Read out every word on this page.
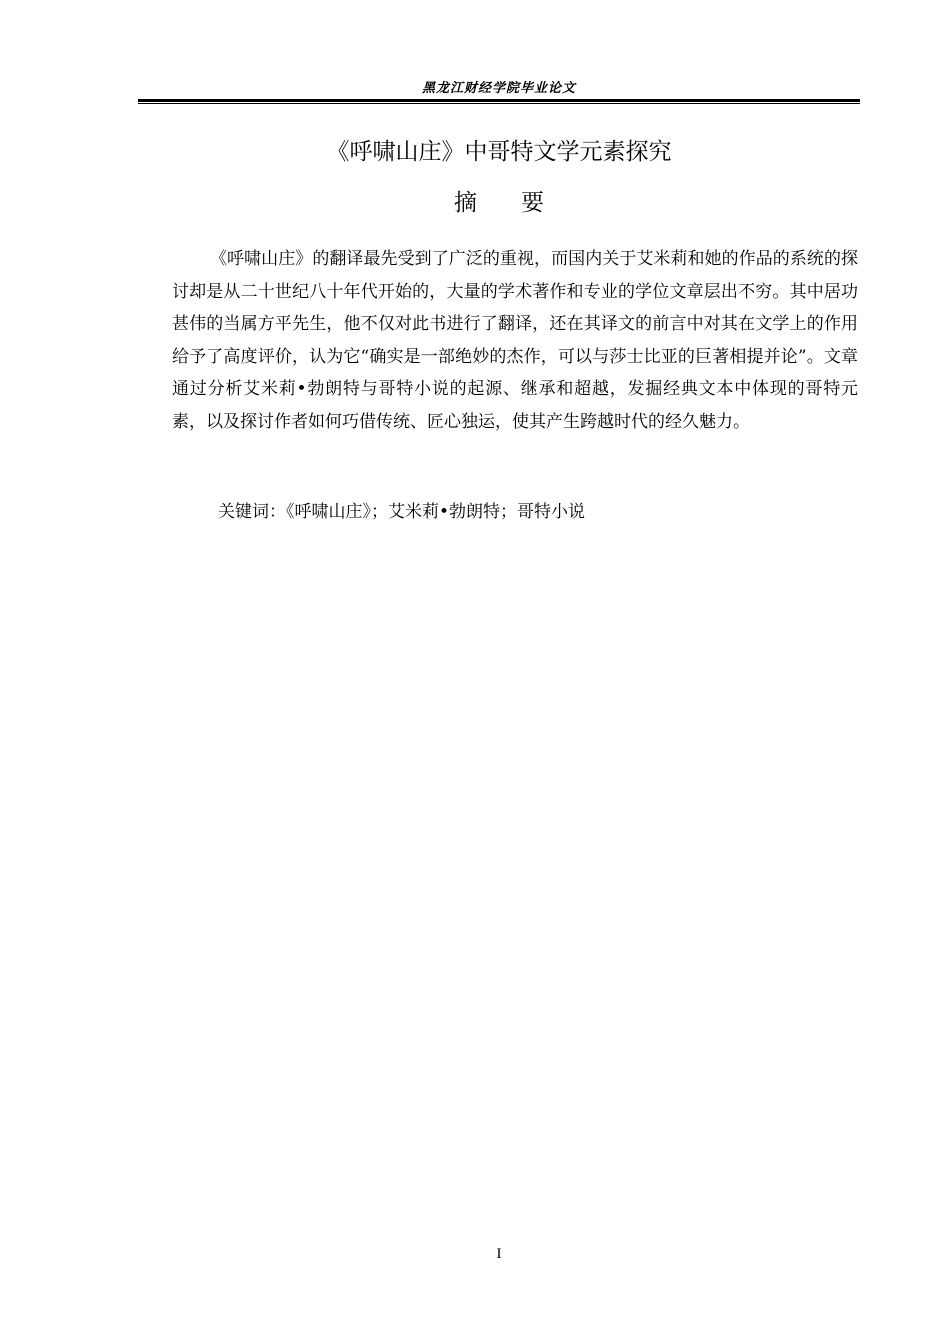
黑龙江财经学院毕业论文
《呼啸山庄》中哥特文学元素探究
摘要

《呼啸山庄》的翻译最先受到了广泛的重视，而国内关于艾米莉和她的作品的系统的探讨却是从二十世纪八十年代开始的，大量的学术著作和专业的学位文章层出不穷。其中居功甚伟的当属方平先生，他不仅对此书进行了翻译，还在其译文的前言中对其在文学上的作用给予了高度评价，认为它“确实是一部绝妙的杰作，可以与莎士比亚的巨著相提并论”。文章通过分析艾米莉•勃朗特与哥特小说的起源、继承和超越，发掘经典文本中体现的哥特元素，以及探讨作者如何巧借传统、匠心独运，使其产生跨越时代的经久魅力。

关键词：《呼啸山庄》；艾米莉•勃朗特；哥特小说
I
